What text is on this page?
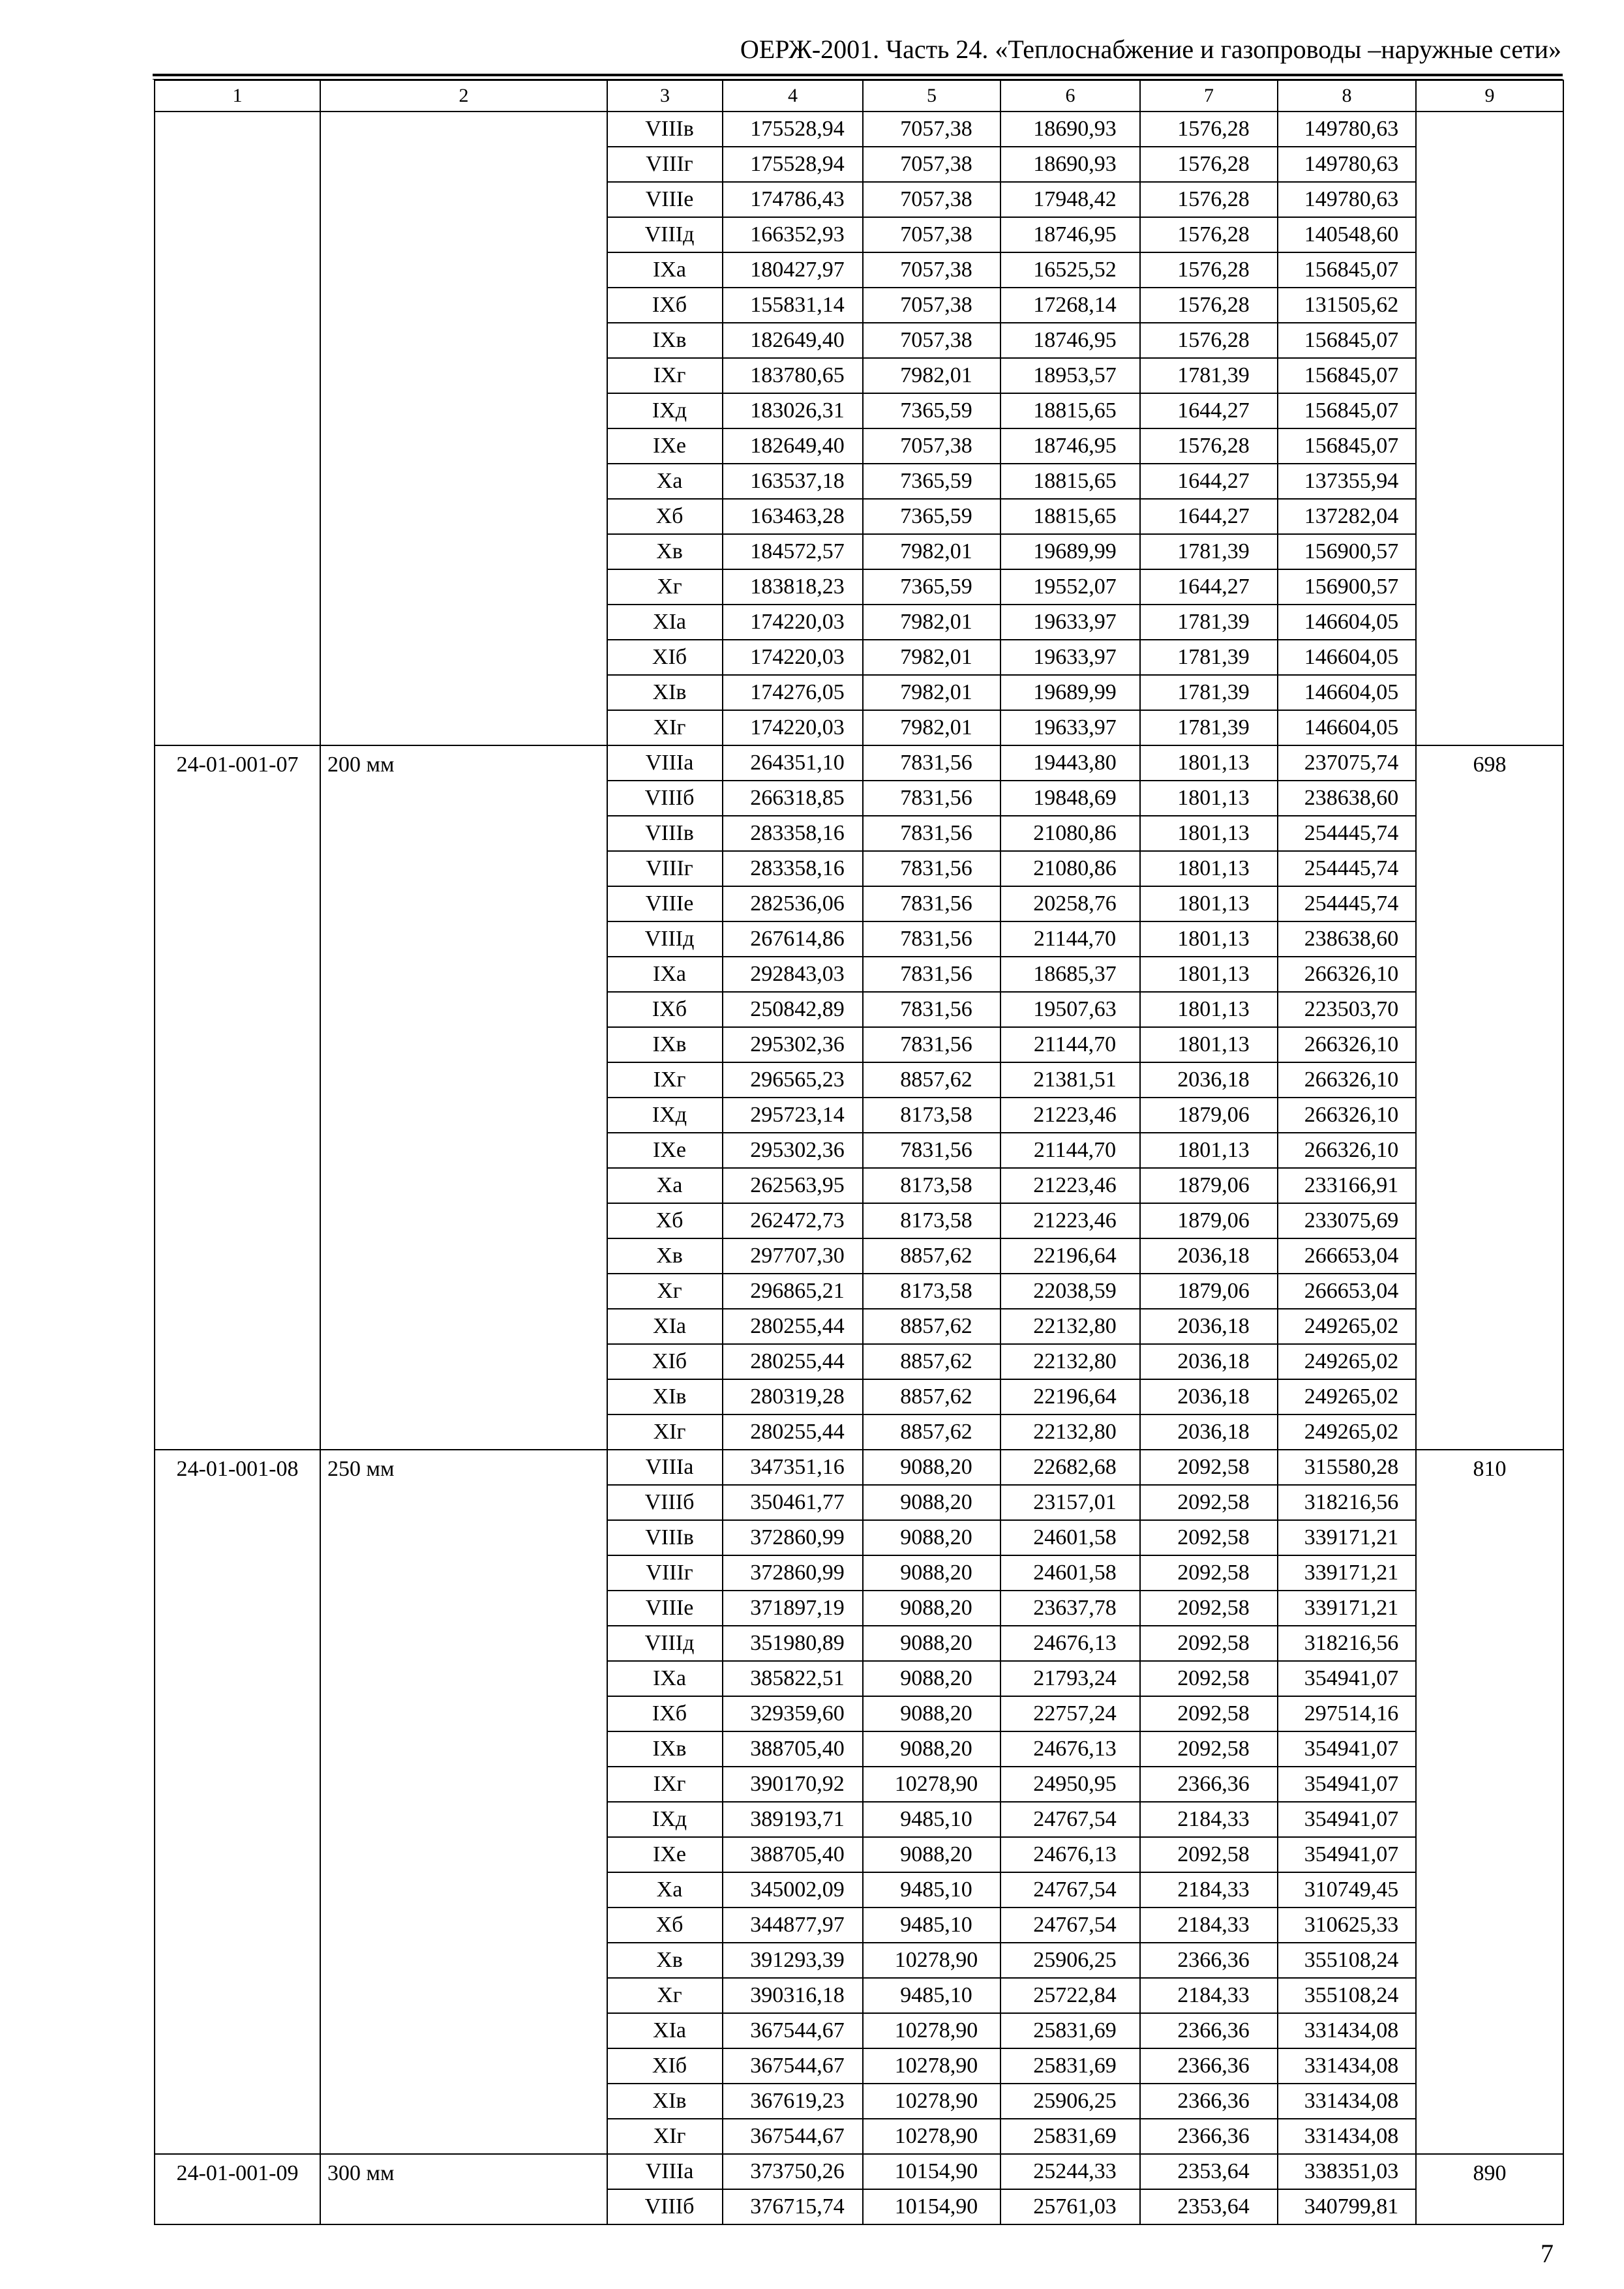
ОЕРЖ-2001. Часть 24. «Теплоснабжение и газопроводы –наружные сети»
1	2	3	4	5	6	7	8	9
		VIIIв	175528,94	7057,38	18690,93	1576,28	149780,63	
		VIIIг	175528,94	7057,38	18690,93	1576,28	149780,63	
		VIIIе	174786,43	7057,38	17948,42	1576,28	149780,63	
		VIIIд	166352,93	7057,38	18746,95	1576,28	140548,60	
		IXа	180427,97	7057,38	16525,52	1576,28	156845,07	
		IXб	155831,14	7057,38	17268,14	1576,28	131505,62	
		IXв	182649,40	7057,38	18746,95	1576,28	156845,07	
		IXг	183780,65	7982,01	18953,57	1781,39	156845,07	
		IXд	183026,31	7365,59	18815,65	1644,27	156845,07	
		IXе	182649,40	7057,38	18746,95	1576,28	156845,07	
		Xа	163537,18	7365,59	18815,65	1644,27	137355,94	
		Xб	163463,28	7365,59	18815,65	1644,27	137282,04	
		Xв	184572,57	7982,01	19689,99	1781,39	156900,57	
		Xг	183818,23	7365,59	19552,07	1644,27	156900,57	
		XIа	174220,03	7982,01	19633,97	1781,39	146604,05	
		XIб	174220,03	7982,01	19633,97	1781,39	146604,05	
		XIв	174276,05	7982,01	19689,99	1781,39	146604,05	
		XIг	174220,03	7982,01	19633,97	1781,39	146604,05	
24-01-001-07	200 мм	VIIIа	264351,10	7831,56	19443,80	1801,13	237075,74	698
		VIIIб	266318,85	7831,56	19848,69	1801,13	238638,60	
		VIIIв	283358,16	7831,56	21080,86	1801,13	254445,74	
		VIIIг	283358,16	7831,56	21080,86	1801,13	254445,74	
		VIIIе	282536,06	7831,56	20258,76	1801,13	254445,74	
		VIIIд	267614,86	7831,56	21144,70	1801,13	238638,60	
		IXа	292843,03	7831,56	18685,37	1801,13	266326,10	
		IXб	250842,89	7831,56	19507,63	1801,13	223503,70	
		IXв	295302,36	7831,56	21144,70	1801,13	266326,10	
		IXг	296565,23	8857,62	21381,51	2036,18	266326,10	
		IXд	295723,14	8173,58	21223,46	1879,06	266326,10	
		IXе	295302,36	7831,56	21144,70	1801,13	266326,10	
		Xа	262563,95	8173,58	21223,46	1879,06	233166,91	
		Xб	262472,73	8173,58	21223,46	1879,06	233075,69	
		Xв	297707,30	8857,62	22196,64	2036,18	266653,04	
		Xг	296865,21	8173,58	22038,59	1879,06	266653,04	
		XIа	280255,44	8857,62	22132,80	2036,18	249265,02	
		XIб	280255,44	8857,62	22132,80	2036,18	249265,02	
		XIв	280319,28	8857,62	22196,64	2036,18	249265,02	
		XIг	280255,44	8857,62	22132,80	2036,18	249265,02	
24-01-001-08	250 мм	VIIIа	347351,16	9088,20	22682,68	2092,58	315580,28	810
		VIIIб	350461,77	9088,20	23157,01	2092,58	318216,56	
		VIIIв	372860,99	9088,20	24601,58	2092,58	339171,21	
		VIIIг	372860,99	9088,20	24601,58	2092,58	339171,21	
		VIIIе	371897,19	9088,20	23637,78	2092,58	339171,21	
		VIIIд	351980,89	9088,20	24676,13	2092,58	318216,56	
		IXа	385822,51	9088,20	21793,24	2092,58	354941,07	
		IXб	329359,60	9088,20	22757,24	2092,58	297514,16	
		IXв	388705,40	9088,20	24676,13	2092,58	354941,07	
		IXг	390170,92	10278,90	24950,95	2366,36	354941,07	
		IXд	389193,71	9485,10	24767,54	2184,33	354941,07	
		IXе	388705,40	9088,20	24676,13	2092,58	354941,07	
		Xа	345002,09	9485,10	24767,54	2184,33	310749,45	
		Xб	344877,97	9485,10	24767,54	2184,33	310625,33	
		Xв	391293,39	10278,90	25906,25	2366,36	355108,24	
		Xг	390316,18	9485,10	25722,84	2184,33	355108,24	
		XIа	367544,67	10278,90	25831,69	2366,36	331434,08	
		XIб	367544,67	10278,90	25831,69	2366,36	331434,08	
		XIв	367619,23	10278,90	25906,25	2366,36	331434,08	
		XIг	367544,67	10278,90	25831,69	2366,36	331434,08	
24-01-001-09	300 мм	VIIIа	373750,26	10154,90	25244,33	2353,64	338351,03	890
		VIIIб	376715,74	10154,90	25761,03	2353,64	340799,81	
7
